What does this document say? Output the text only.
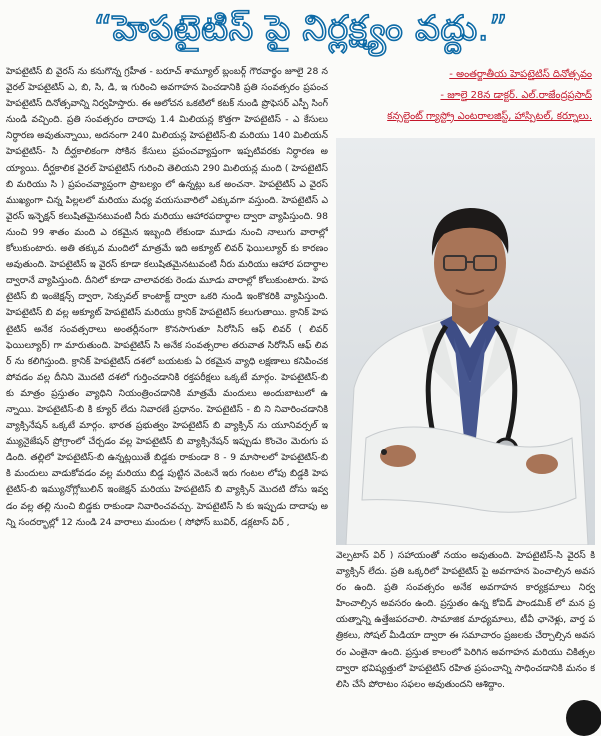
“హెపటైటిస్ పై నిర్లక్ష్యం వద్దు.”
- అంతర్జాతీయ హెపటైటిస్ దినోత్సవం
- జూలై 28న డాక్టర్. ఎల్.రాజేంద్రప్రసాద్
కన్సల్టెంట్ గ్యాస్ట్రో ఎంటరాలజిస్ట్, హాస్పిటల్, కర్నూలు.
హెపటైటిస్ బి వైరస్ ను కనుగొన్న గ్రహీత - బరూచ్ శామ్యూల్ బ్లంబర్గ్ గౌరవార్థం జూలై 28 న వైరల్ హెపటైటిస్ ఎ, బి, సి, డి, ఇ గురించి అవగాహన పెంచడానికి ప్రతి సంవత్సరం ప్రపంచ హెపటైటిస్ దినోత్సవాన్ని నిర్వహిస్తారు. ఈ ఆలోచన ఒకటిలో కటక్ నుండి ప్రొఫెసర్ ఎస్పీ సింగ్ నుండి వచ్చింది. ప్రతి సంవత్సరం దాదాపు 1.4 మిలియన్ల కొత్తగా హెపటైటిస్ - ఎ కేసులు నిర్ధారణ అవుతున్నాయి, అదనంగా 240 మిలియన్ల హెపటైటిస్-బి మరియు 140 మిలియన్ హెపటైటిస్- సి దీర్ఘకాలికంగా సోకిన కేసులు ప్రపంచవ్యాప్తంగా ఇప్పటివరకు నిర్ధారణ అయ్యాయి. దీర్ఘకాలిక వైరల్ హెపటైటిస్ గురించి తెలియని 290 మిలియన్ల మంది ( హెపటైటిస్ బి మరియు సి ) ప్రపంచవ్యాప్తంగా ప్రాబల్యం లో ఉన్నట్లు ఒక అంచనా. హెపటైటిస్ ఎ వైరస్ ముఖ్యంగా చిన్న పిల్లలలో మరియు మధ్య వయసువారిలో ఎక్కువగా వస్తుంది. హెపటైటిస్ ఎ వైరస్ ఇన్ఫెక్షన్ కలుషితమైనటువంటి నీరు మరియు ఆహారపదార్థాల ద్వారా వ్యాపిస్తుంది. 98 నుంచి 99 శాతం మంది ఎ రకమైన ఇబ్బంది లేకుండా మూడు నుంచి నాలుగు వారాల్లో కోలుకుంటారు. అతి తక్కువ మందిలో మాత్రమే ఇది అక్యూట్ లివర్ ఫెయిల్యూర్ కు కారణం అవుతుంది. హెపటైటిస్ ఇ వైరస్ కూడా కలుషితమైనటువంటి నీరు మరియు ఆహార పదార్థాల ద్వారానే వ్యాపిస్తుంది. దీనిలో కూడా చాలావరకు రెండు మూడు వారాల్లో కోలుకుంటారు. హెపటైటిస్ బి ఇంజెక్షన్స్ ద్వారా, సెక్సువల్ కాంటాక్ట్ ద్వారా ఒకరి నుండి ఇంకొకరికి వ్యాపిస్తుంది. హెపటైటిస్ బి వల్ల అక్యూట్ హెపటైటిస్ మరియు క్రానిక్ హెపటైటిస్ కలుగుతాయి. క్రానిక్ హెపటైటిస్ అనేక సంవత్సరాలు అంతర్లీనంగా కొనసాగుతూ సిరోసిస్ ఆఫ్ లివర్ ( లివర్ ఫెయిల్యూర్) గా మారుతుంది. హెపటైటిస్ సి అనేక సంవత్సరాల తరువాత సిరోసిస్ ఆఫ్ లివర్ ను కలిగిస్తుంది. క్రానిక్ హెపటైటిస్ దశలో బయటకు ఏ రకమైన వ్యాధి లక్షణాలు కనిపించక పోవడం వల్ల దీనిని మొదటి దశలో గుర్తించడానికి రక్తపరీక్షలు ఒక్కటే మార్గం. హెపటైటిస్-బి కు మాత్రం ప్రస్తుతం వ్యాధిని నియంత్రించడానికి మాత్రమే మందులు అందుబాటులో ఉన్నాయి. హెపటైటిస్-బి కి క్యూర్ లేదు నివారణే ప్రధానం. హెపటైటిస్ - బి ని నివారించడానికి వ్యాక్సినేషన్ ఒక్కటే మార్గం. భారత ప్రభుత్వం హెపటైటిస్ బి వ్యాక్సిన్ ను యూనివర్సల్ ఇమ్యునైజేషన్ ప్రోగ్రాంలో చేర్చడం వల్ల హెపటైటిస్ బి వ్యాక్సినేషన్ ఇప్పుడు కొంచెం మెరుగు పడింది. తల్లిలో హెపటైటిస్-బి ఉన్నట్లయితే బిడ్డకు రాకుండా 8 - 9 మాసాలలో హెపటైటిస్-బి కి మందులు వాడుకోవడం వల్ల మరియు బిడ్డ పుట్టిన వెంటనే ఇరు గంటల లోపు బిడ్డకి హెపటైటిస్-బి ఇమ్యునోగ్లోబులిన్ ఇంజెక్షన్ మరియు హెపటైటిస్ బి వ్యాక్సిన్ మొదటి దోసు ఇవ్వడం వల్ల తల్లి నుంచి బిడ్డకు రాకుండా నివారించవచ్చు. హెపటైటిస్ సి కు ఇప్పుడు దాదాపు అన్ని సందర్భాల్లో 12 నుండి 24 వారాలు మందుల ( సోఫోస్ బువిర్, డక్లటాస్ విర్ ,
వెల్పటాస్ విర్ ) సహాయంతో నయం అవుతుంది. హెపటైటిస్-సి వైరస్ కి వ్యాక్సిన్ లేదు. ప్రతి ఒక్కరిలో హెపటైటిస్ పై అవగాహన పెంచాల్సిన అవసరం ఉంది. ప్రతి సంవత్సరం అనేక అవగాహన కార్యక్రమాలు నిర్వహించాల్సిన అవసరం ఉంది. ప్రస్తుతం ఉన్న కోవిడ్ పాండమిక్ లో మన ప్రయత్నాన్ని ఉత్తేజపరచాలి. సామాజిక మాధ్యమాలు, టీవీ ఛానెళ్లు, వార్త పత్రికలు, సోషల్ మీడియా ద్వారా ఈ సమాచారం ప్రజలకు చేర్చాల్సిన అవసరం ఎంతైనా ఉంది. ప్రస్తుత కాలంలో పెరిగిన అవగాహన మరియు చికిత్సల ద్వారా భవిష్యత్తులో హెపటైటిస్ రహిత ప్రపంచాన్ని సాధించడానికి మనం కలిసి చేసే పోరాటం సఫలం అవుతుందని ఆశిద్దాం.
